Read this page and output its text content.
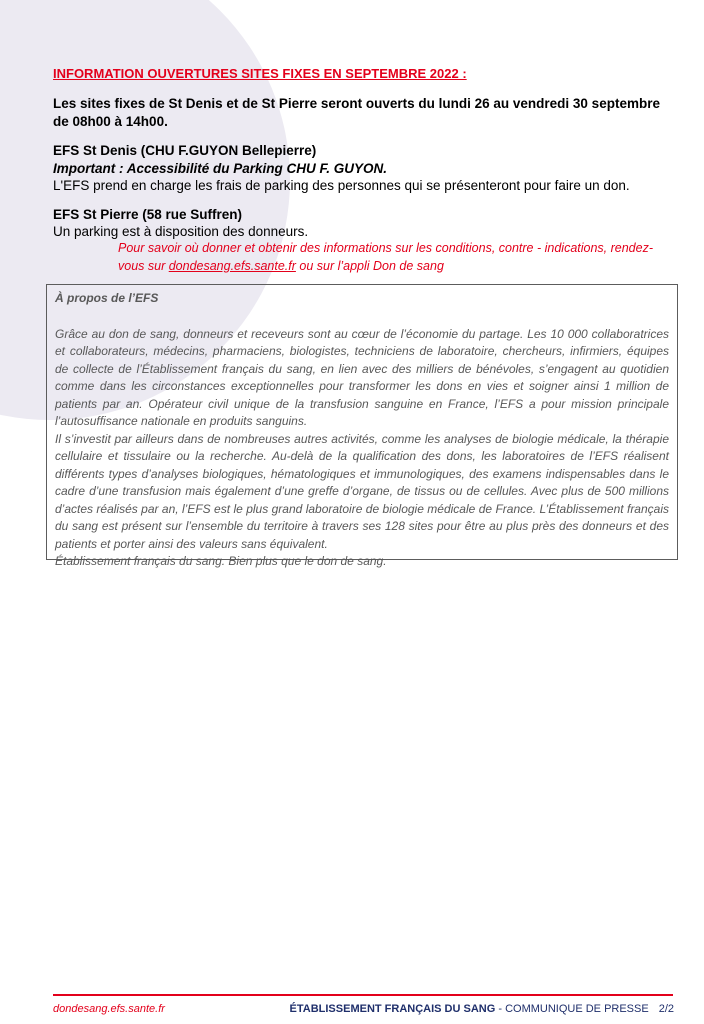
INFORMATION OUVERTURES SITES FIXES EN SEPTEMBRE 2022 :

Les sites fixes de St Denis et de St Pierre seront ouverts du lundi 26 au vendredi 30 septembre de 08h00 à 14h00.

EFS St Denis (CHU F.GUYON Bellepierre)

Important : Accessibilité du Parking CHU F. GUYON.

L'EFS prend en charge les frais de parking des personnes qui se présenteront pour faire un don.

EFS St Pierre (58 rue Suffren)

Un parking est à disposition des donneurs.

Pour savoir où donner et obtenir des informations sur les conditions, contre - indications, rendez-vous sur dondesang.efs.sante.fr ou sur l’appli Don de sang

À propos de l’EFS

Grâce au don de sang, donneurs et receveurs sont au cœur de l’économie du partage. Les 10 000 collaboratrices et collaborateurs, médecins, pharmaciens, biologistes, techniciens de laboratoire, chercheurs, infirmiers, équipes de collecte de l’Établissement français du sang, en lien avec des milliers de bénévoles, s’engagent au quotidien comme dans les circonstances exceptionnelles pour transformer les dons en vies et soigner ainsi 1 million de patients par an. Opérateur civil unique de la transfusion sanguine en France, l’EFS a pour mission principale l’autosuffisance nationale en produits sanguins.

Il s’investit par ailleurs dans de nombreuses autres activités, comme les analyses de biologie médicale, la thérapie cellulaire et tissulaire ou la recherche. Au-delà de la qualification des dons, les laboratoires de l’EFS réalisent différents types d’analyses biologiques, hématologiques et immunologiques, des examens indispensables dans le cadre d’une transfusion mais également d’une greffe d’organe, de tissus ou de cellules. Avec plus de 500 millions d’actes réalisés par an, l’EFS est le plus grand laboratoire de biologie médicale de France. L’Établissement français du sang est présent sur l’ensemble du territoire à travers ses 128 sites pour être au plus près des donneurs et des patients et porter ainsi des valeurs sans équivalent.

Établissement français du sang. Bien plus que le don de sang.

dondesang.efs.sante.fr	ÉTABLISSEMENT FRANÇAIS DU SANG - COMMUNIQUE DE PRESSE 2/2
